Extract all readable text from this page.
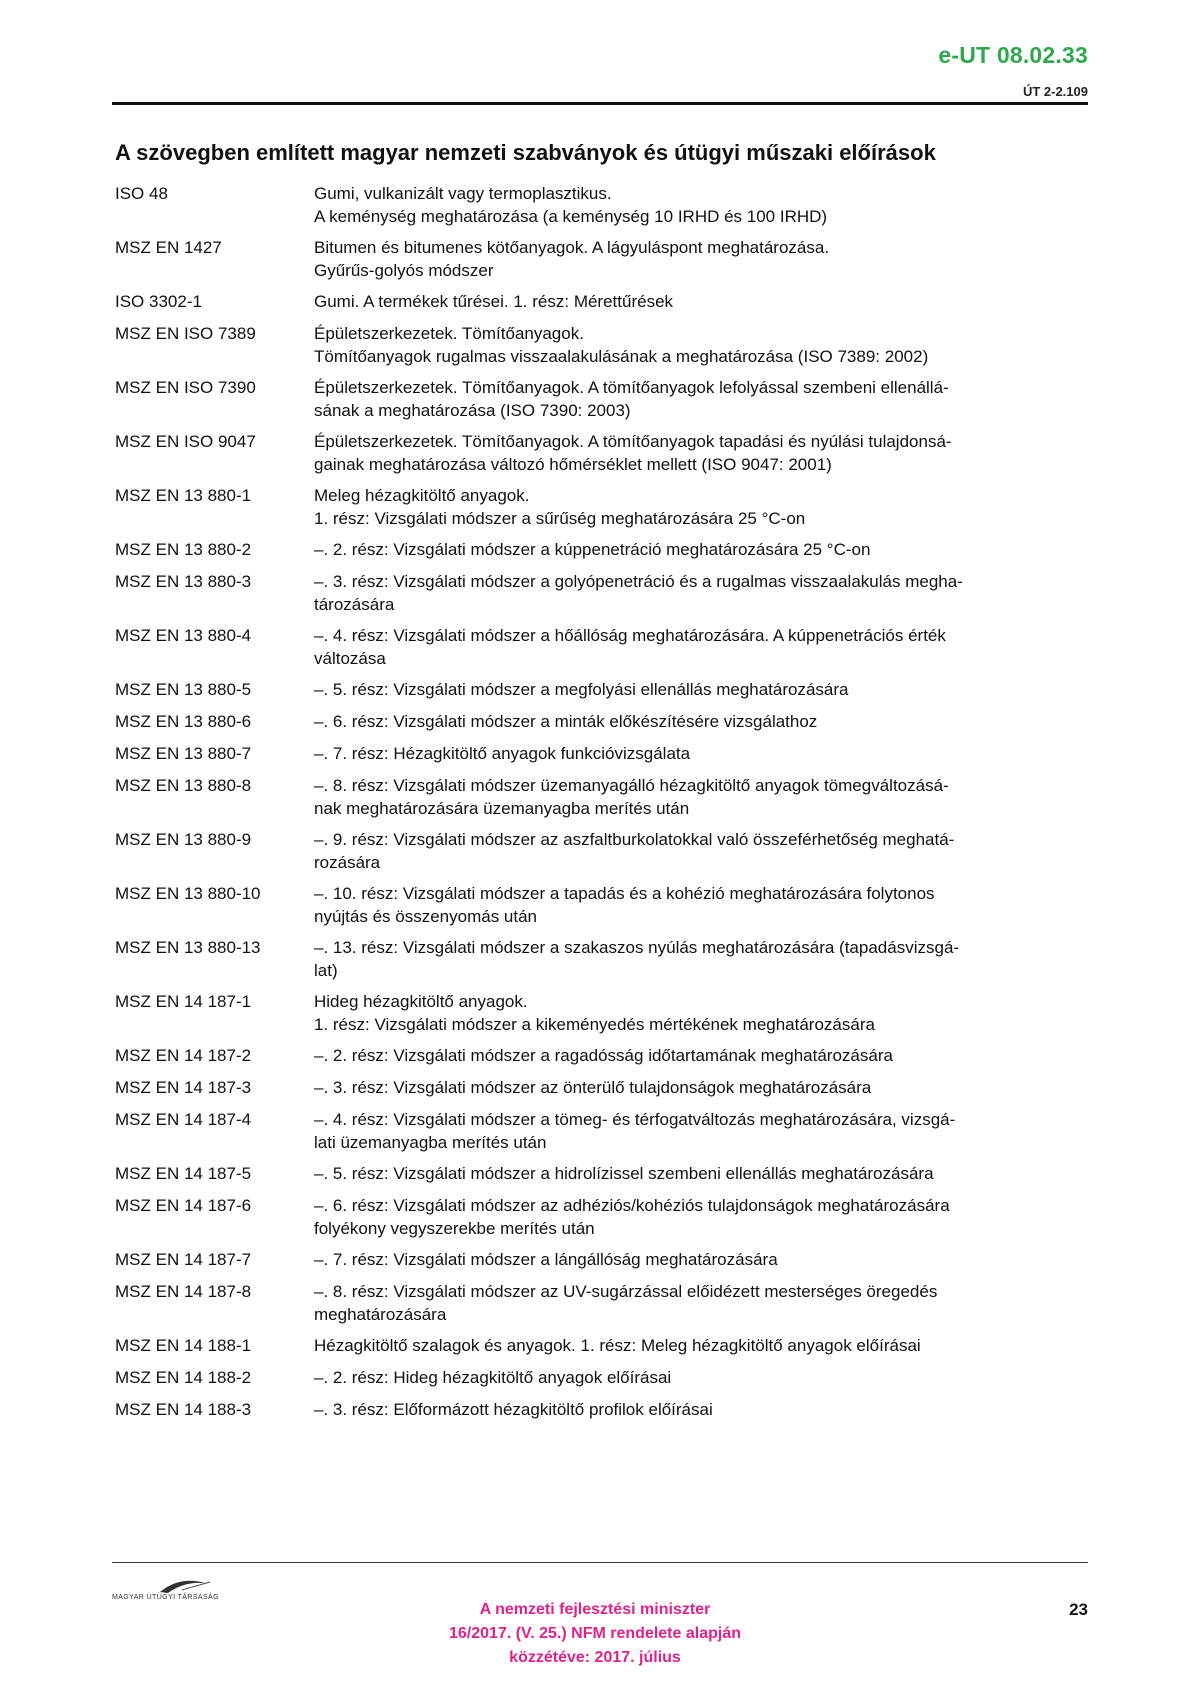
e-UT 08.02.33
ÚT 2-2.109
A szövegben említett magyar nemzeti szabványok és útügyi műszaki előírások
ISO 48	Gumi, vulkanizált vagy termoplasztikus.
A keménység meghatározása (a keménység 10 IRHD és 100 IRHD)
MSZ EN 1427	Bitumen és bitumenes kötőanyagok. A lágyuláspont meghatározása.
Gyűrűs-golyós módszer
ISO 3302-1	Gumi. A termékek tűrései. 1. rész: Mérettűrések
MSZ EN ISO 7389	Épületszerkezetek. Tömítőanyagok.
Tömítőanyagok rugalmas visszaalakulásának a meghatározása (ISO 7389: 2002)
MSZ EN ISO 7390	Épületszerkezetek. Tömítőanyagok. A tömítőanyagok lefolyással szembeni ellenállá-
sának a meghatározása (ISO 7390: 2003)
MSZ EN ISO 9047	Épületszerkezetek. Tömítőanyagok. A tömítőanyagok tapadási és nyúlási tulajdonsá-
gainak meghatározása változó hőmérséklet mellett (ISO 9047: 2001)
MSZ EN 13 880-1	Meleg hézagkitöltő anyagok.
1. rész: Vizsgálati módszer a sűrűség meghatározására 25 °C-on
MSZ EN 13 880-2	–. 2. rész: Vizsgálati módszer a kúppenetráció meghatározására 25 °C-on
MSZ EN 13 880-3	–. 3. rész: Vizsgálati módszer a golyópenetráció és a rugalmas visszaalakulás megha-
tározására
MSZ EN 13 880-4	–. 4. rész: Vizsgálati módszer a hőállóság meghatározására. A kúppenetrációs érték
változása
MSZ EN 13 880-5	–. 5. rész: Vizsgálati módszer a megfolyási ellenállás meghatározására
MSZ EN 13 880-6	–. 6. rész: Vizsgálati módszer a minták előkészítésére vizsgálathoz
MSZ EN 13 880-7	–. 7. rész: Hézagkitöltő anyagok funkcióvizsgálata
MSZ EN 13 880-8	–. 8. rész: Vizsgálati módszer üzemanyagálló hézagkitöltő anyagok tömegváltozásá-
nak meghatározására üzemanyagba merítés után
MSZ EN 13 880-9	–. 9. rész: Vizsgálati módszer az aszfaltburkolatokkal való összeférhetőség meghatá-
rozására
MSZ EN 13 880-10	–. 10. rész: Vizsgálati módszer a tapadás és a kohézió meghatározására folytonos
nyújtás és összenyomás után
MSZ EN 13 880-13	–. 13. rész: Vizsgálati módszer a szakaszos nyúlás meghatározására (tapadásvizsgá-
lat)
MSZ EN 14 187-1	Hideg hézagkitöltő anyagok.
1. rész: Vizsgálati módszer a kikeményedés mértékének meghatározására
MSZ EN 14 187-2	–. 2. rész: Vizsgálati módszer a ragadósság időtartamának meghatározására
MSZ EN 14 187-3	–. 3. rész: Vizsgálati módszer az önterülő tulajdonságok meghatározására
MSZ EN 14 187-4	–. 4. rész: Vizsgálati módszer a tömeg- és térfogatváltozás meghatározására, vizsgá-
lati üzemanyagba merítés után
MSZ EN 14 187-5	–. 5. rész: Vizsgálati módszer a hidrolízissel szembeni ellenállás meghatározására
MSZ EN 14 187-6	–. 6. rész: Vizsgálati módszer az adhéziós/kohéziós tulajdonságok meghatározására
folyékony vegyszerekbe merítés után
MSZ EN 14 187-7	–. 7. rész: Vizsgálati módszer a lángállóság meghatározására
MSZ EN 14 187-8	–. 8. rész: Vizsgálati módszer az UV-sugárzással előidézett mesterséges öregedés
meghatározására
MSZ EN 14 188-1	Hézagkitöltő szalagok és anyagok. 1. rész: Meleg hézagkitöltő anyagok előírásai
MSZ EN 14 188-2	–. 2. rész: Hideg hézagkitöltő anyagok előírásai
MSZ EN 14 188-3	–. 3. rész: Előformázott hézagkitöltő profilok előírásai
MAGYAR ÚTÜGYI TÁRSASÁG
A nemzeti fejlesztési miniszter
16/2017. (V. 25.) NFM rendelete alapján
közzétéve: 2017. július
23
